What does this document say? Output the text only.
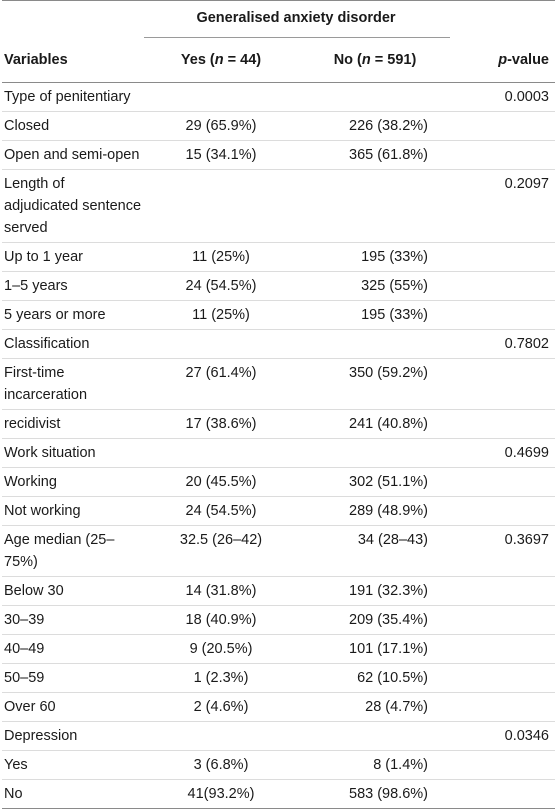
	Generalised anxiety disorder		

Variables	Yes (n = 44)	No (n = 591)	p-value
Type of penitentiary			0.0003
Closed	29 (65.9%)	226 (38.2%)	
Open and semi-open	15 (34.1%)	365 (61.8%)	
Length of adjudicated sentence served			0.2097
Up to 1 year	11 (25%)	195 (33%)	
1–5 years	24 (54.5%)	325 (55%)	
5 years or more	11 (25%)	195 (33%)	
Classification			0.7802
First-time incarceration	27 (61.4%)	350 (59.2%)	
recidivist	17 (38.6%)	241 (40.8%)	
Work situation			0.4699
Working	20 (45.5%)	302 (51.1%)	
Not working	24 (54.5%)	289 (48.9%)	
Age median (25–75%)	32.5 (26–42)	34 (28–43)	0.3697
Below 30	14 (31.8%)	191 (32.3%)	
30–39	18 (40.9%)	209 (35.4%)	
40–49	9 (20.5%)	101 (17.1%)	
50–59	1 (2.3%)	62 (10.5%)	
Over 60	2 (4.6%)	28 (4.7%)	
Depression			0.0346
Yes	3 (6.8%)	8 (1.4%)	
No	41(93.2%)	583 (98.6%)	
